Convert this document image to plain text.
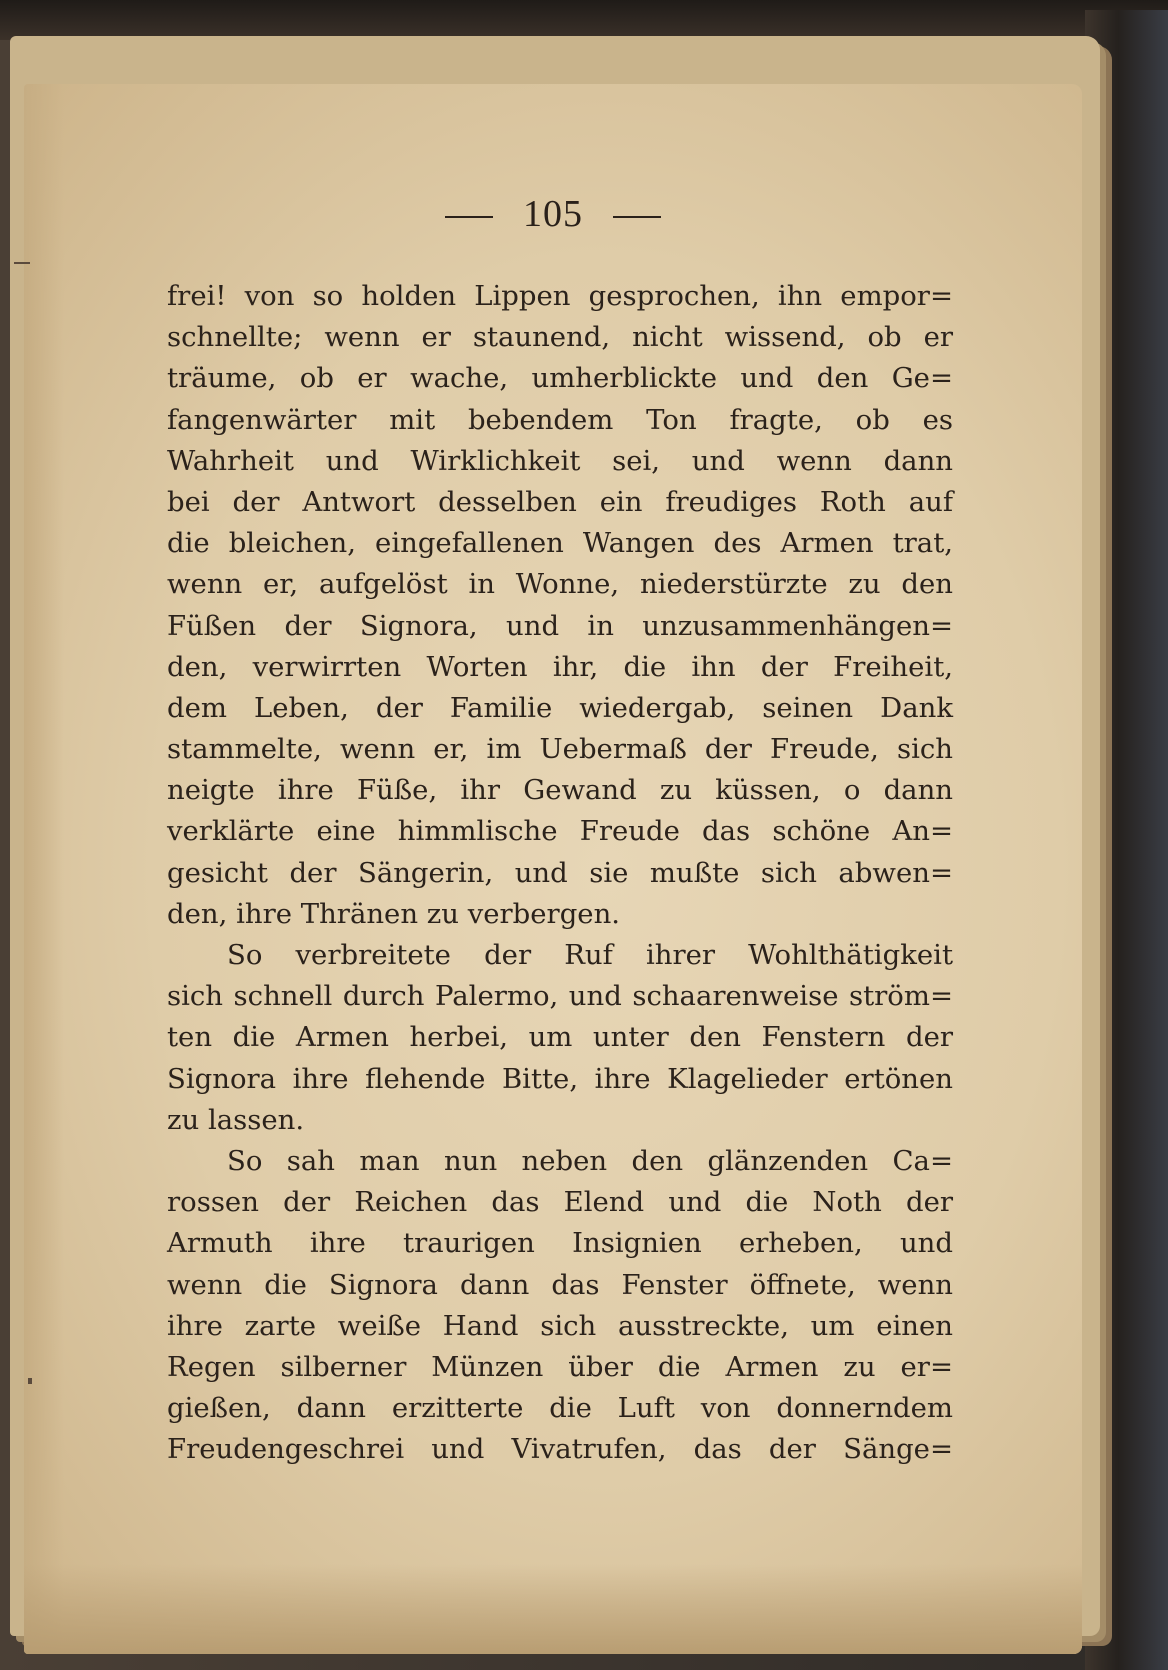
105
frei! von so holden Lippen gesprochen, ihn empor=
schnellte; wenn er staunend, nicht wissend, ob er
träume, ob er wache, umherblickte und den Ge=
fangenwärter mit bebendem Ton fragte, ob es
Wahrheit und Wirklichkeit sei, und wenn dann
bei der Antwort desselben ein freudiges Roth auf
die bleichen, eingefallenen Wangen des Armen trat,
wenn er, aufgelöst in Wonne, niederstürzte zu den
Füßen der Signora, und in unzusammenhängen=
den, verwirrten Worten ihr, die ihn der Freiheit,
dem Leben, der Familie wiedergab, seinen Dank
stammelte, wenn er, im Uebermaß der Freude, sich
neigte ihre Füße, ihr Gewand zu küssen, o dann
verklärte eine himmlische Freude das schöne An=
gesicht der Sängerin, und sie mußte sich abwen=
den, ihre Thränen zu verbergen.
So verbreitete der Ruf ihrer Wohlthätigkeit
sich schnell durch Palermo, und schaarenweise ström=
ten die Armen herbei, um unter den Fenstern der
Signora ihre flehende Bitte, ihre Klagelieder ertönen
zu lassen.
So sah man nun neben den glänzenden Ca=
rossen der Reichen das Elend und die Noth der
Armuth ihre traurigen Insignien erheben, und
wenn die Signora dann das Fenster öffnete, wenn
ihre zarte weiße Hand sich ausstreckte, um einen
Regen silberner Münzen über die Armen zu er=
gießen, dann erzitterte die Luft von donnerndem
Freudengeschrei und Vivatrufen, das der Sänge=
